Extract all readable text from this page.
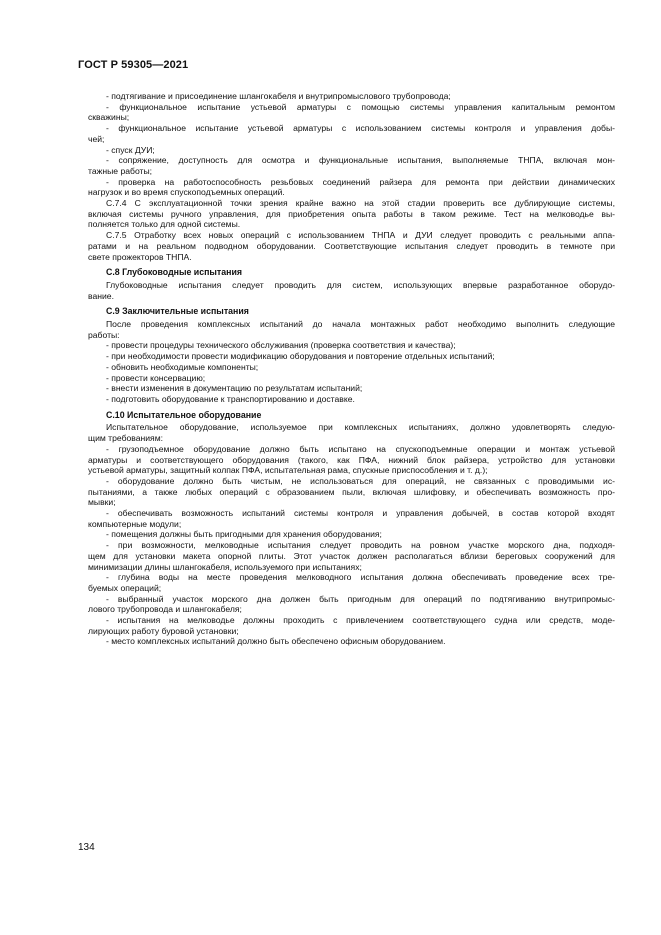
ГОСТ Р 59305—2021
- подтягивание и присоединение шлангокабеля и внутрипромыслового трубопровода;
- функциональное испытание устьевой арматуры с помощью системы управления капитальным ремонтом
скважины;
- функциональное испытание устьевой арматуры с использованием системы контроля и управления добы-
чей;
- спуск ДУИ;
- сопряжение, доступность для осмотра и функциональные испытания, выполняемые ТНПА, включая мон-
тажные работы;
- проверка на работоспособность резьбовых соединений райзера для ремонта при действии динамических
нагрузок и во время спускоподъемных операций.
С.7.4 С эксплуатационной точки зрения крайне важно на этой стадии проверить все дублирующие системы,
включая системы ручного управления, для приобретения опыта работы в таком режиме. Тест на мелководье вы-
полняется только для одной системы.
С.7.5 Отработку всех новых операций с использованием ТНПА и ДУИ следует проводить с реальными аппа-
ратами и на реальном подводном оборудовании. Соответствующие испытания следует проводить в темноте при
свете прожекторов ТНПА.
С.8 Глубоководные испытания
Глубоководные испытания следует проводить для систем, использующих впервые разработанное оборудо-
вание.
С.9 Заключительные испытания
После проведения комплексных испытаний до начала монтажных работ необходимо выполнить следующие
работы:
- провести процедуры технического обслуживания (проверка соответствия и качества);
- при необходимости провести модификацию оборудования и повторение отдельных испытаний;
- обновить необходимые компоненты;
- провести консервацию;
- внести изменения в документацию по результатам испытаний;
- подготовить оборудование к транспортированию и доставке.
С.10 Испытательное оборудование
Испытательное оборудование, используемое при комплексных испытаниях, должно удовлетворять следую-
щим требованиям:
- грузоподъемное оборудование должно быть испытано на спускоподъемные операции и монтаж устьевой
арматуры и соответствующего оборудования (такого, как ПФА, нижний блок райзера, устройство для установки
устьевой арматуры, защитный колпак ПФА, испытательная рама, спускные приспособления и т. д.);
- оборудование должно быть чистым, не использоваться для операций, не связанных с проводимыми ис-
пытаниями, а также любых операций с образованием пыли, включая шлифовку, и обеспечивать возможность про-
мывки;
- обеспечивать возможность испытаний системы контроля и управления добычей, в состав которой входят
компьютерные модули;
- помещения должны быть пригодными для хранения оборудования;
- при возможности, мелководные испытания следует проводить на ровном участке морского дна, подходя-
щем для установки макета опорной плиты. Этот участок должен располагаться вблизи береговых сооружений для
минимизации длины шлангокабеля, используемого при испытаниях;
- глубина воды на месте проведения мелководного испытания должна обеспечивать проведение всех тре-
буемых операций;
- выбранный участок морского дна должен быть пригодным для операций по подтягиванию внутрипромыс-
лового трубопровода и шлангокабеля;
- испытания на мелководье должны проходить с привлечением соответствующего судна или средств, моде-
лирующих работу буровой установки;
- место комплексных испытаний должно быть обеспечено офисным оборудованием.
134
